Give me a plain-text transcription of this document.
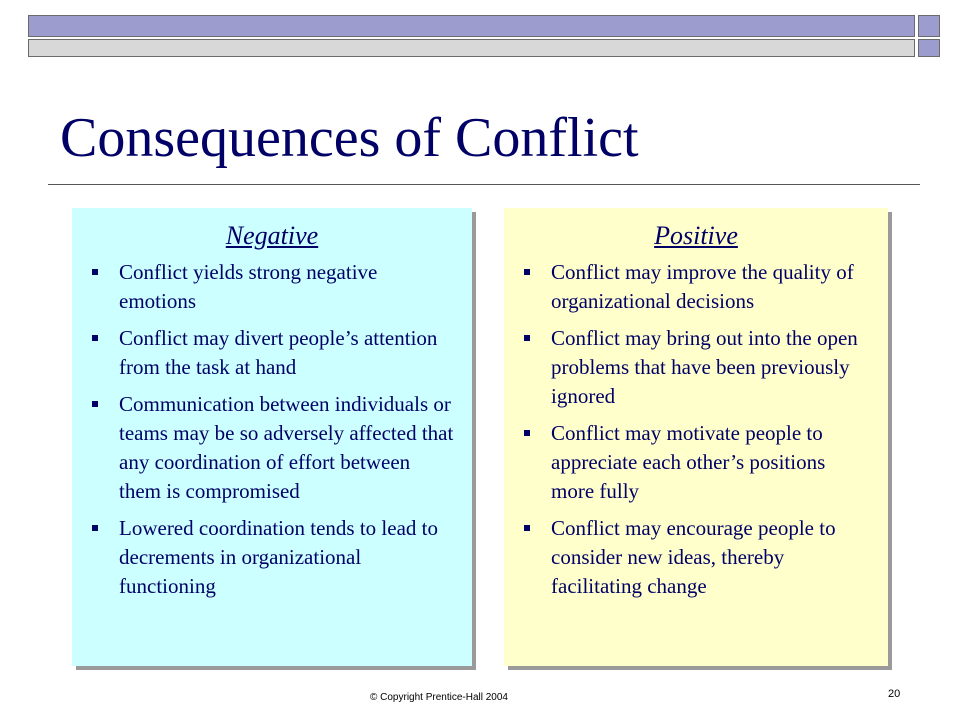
Consequences of Conflict
Negative
Conflict yields strong negative emotions
Conflict may divert people’s attention from the task at hand
Communication between individuals or teams may be so adversely affected that any coordination of effort between them is compromised
Lowered coordination tends to lead to decrements in organizational functioning
Positive
Conflict may improve the quality of organizational decisions
Conflict may bring out into the open problems that have been previously ignored
Conflict may motivate people to appreciate each other’s positions more fully
Conflict may encourage people to consider new ideas, thereby facilitating change
© Copyright Prentice-Hall 2004	20
